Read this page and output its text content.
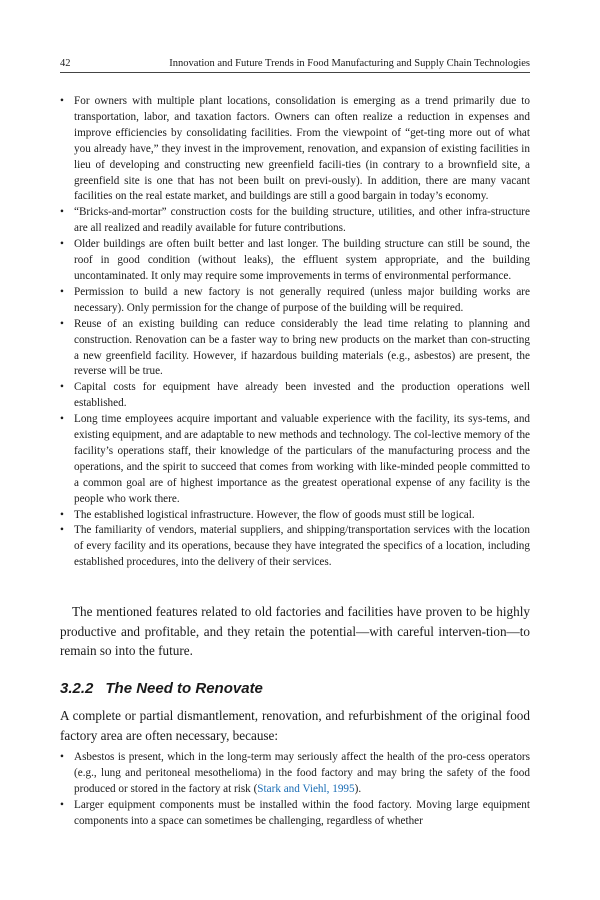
42	Innovation and Future Trends in Food Manufacturing and Supply Chain Technologies
• For owners with multiple plant locations, consolidation is emerging as a trend primarily due to transportation, labor, and taxation factors. Owners can often realize a reduction in expenses and improve efficiencies by consolidating facilities. From the viewpoint of “get-ting more out of what you already have,” they invest in the improvement, renovation, and expansion of existing facilities in lieu of developing and constructing new greenfield facili-ties (in contrary to a brownfield site, a greenfield site is one that has not been built on previ-ously). In addition, there are many vacant facilities on the real estate market, and buildings are still a good bargain in today’s economy.
• “Bricks-and-mortar” construction costs for the building structure, utilities, and other infra-structure are all realized and readily available for future contributions.
• Older buildings are often built better and last longer. The building structure can still be sound, the roof in good condition (without leaks), the effluent system appropriate, and the building uncontaminated. It only may require some improvements in terms of environmental performance.
• Permission to build a new factory is not generally required (unless major building works are necessary). Only permission for the change of purpose of the building will be required.
• Reuse of an existing building can reduce considerably the lead time relating to planning and construction. Renovation can be a faster way to bring new products on the market than con-structing a new greenfield facility. However, if hazardous building materials (e.g., asbestos) are present, the reverse will be true.
• Capital costs for equipment have already been invested and the production operations well established.
• Long time employees acquire important and valuable experience with the facility, its sys-tems, and existing equipment, and are adaptable to new methods and technology. The col-lective memory of the facility’s operations staff, their knowledge of the particulars of the manufacturing process and the operations, and the spirit to succeed that comes from working with like-minded people committed to a common goal are of highest importance as the greatest operational expense of any facility is the people who work there.
• The established logistical infrastructure. However, the flow of goods must still be logical.
• The familiarity of vendors, material suppliers, and shipping/transportation services with the location of every facility and its operations, because they have integrated the specifics of a location, including established procedures, into the delivery of their services.

The mentioned features related to old factories and facilities have proven to be highly productive and profitable, and they retain the potential—with careful interven-tion—to remain so into the future.

3.2.2 The Need to Renovate

A complete or partial dismantlement, renovation, and refurbishment of the original food factory area are often necessary, because:

• Asbestos is present, which in the long-term may seriously affect the health of the pro-cess operators (e.g., lung and peritoneal mesothelioma) in the food factory and may bring the safety of the food produced or stored in the factory at risk (Stark and Viehl, 1995).
• Larger equipment components must be installed within the food factory. Moving large equipment components into a space can sometimes be challenging, regardless of whether
